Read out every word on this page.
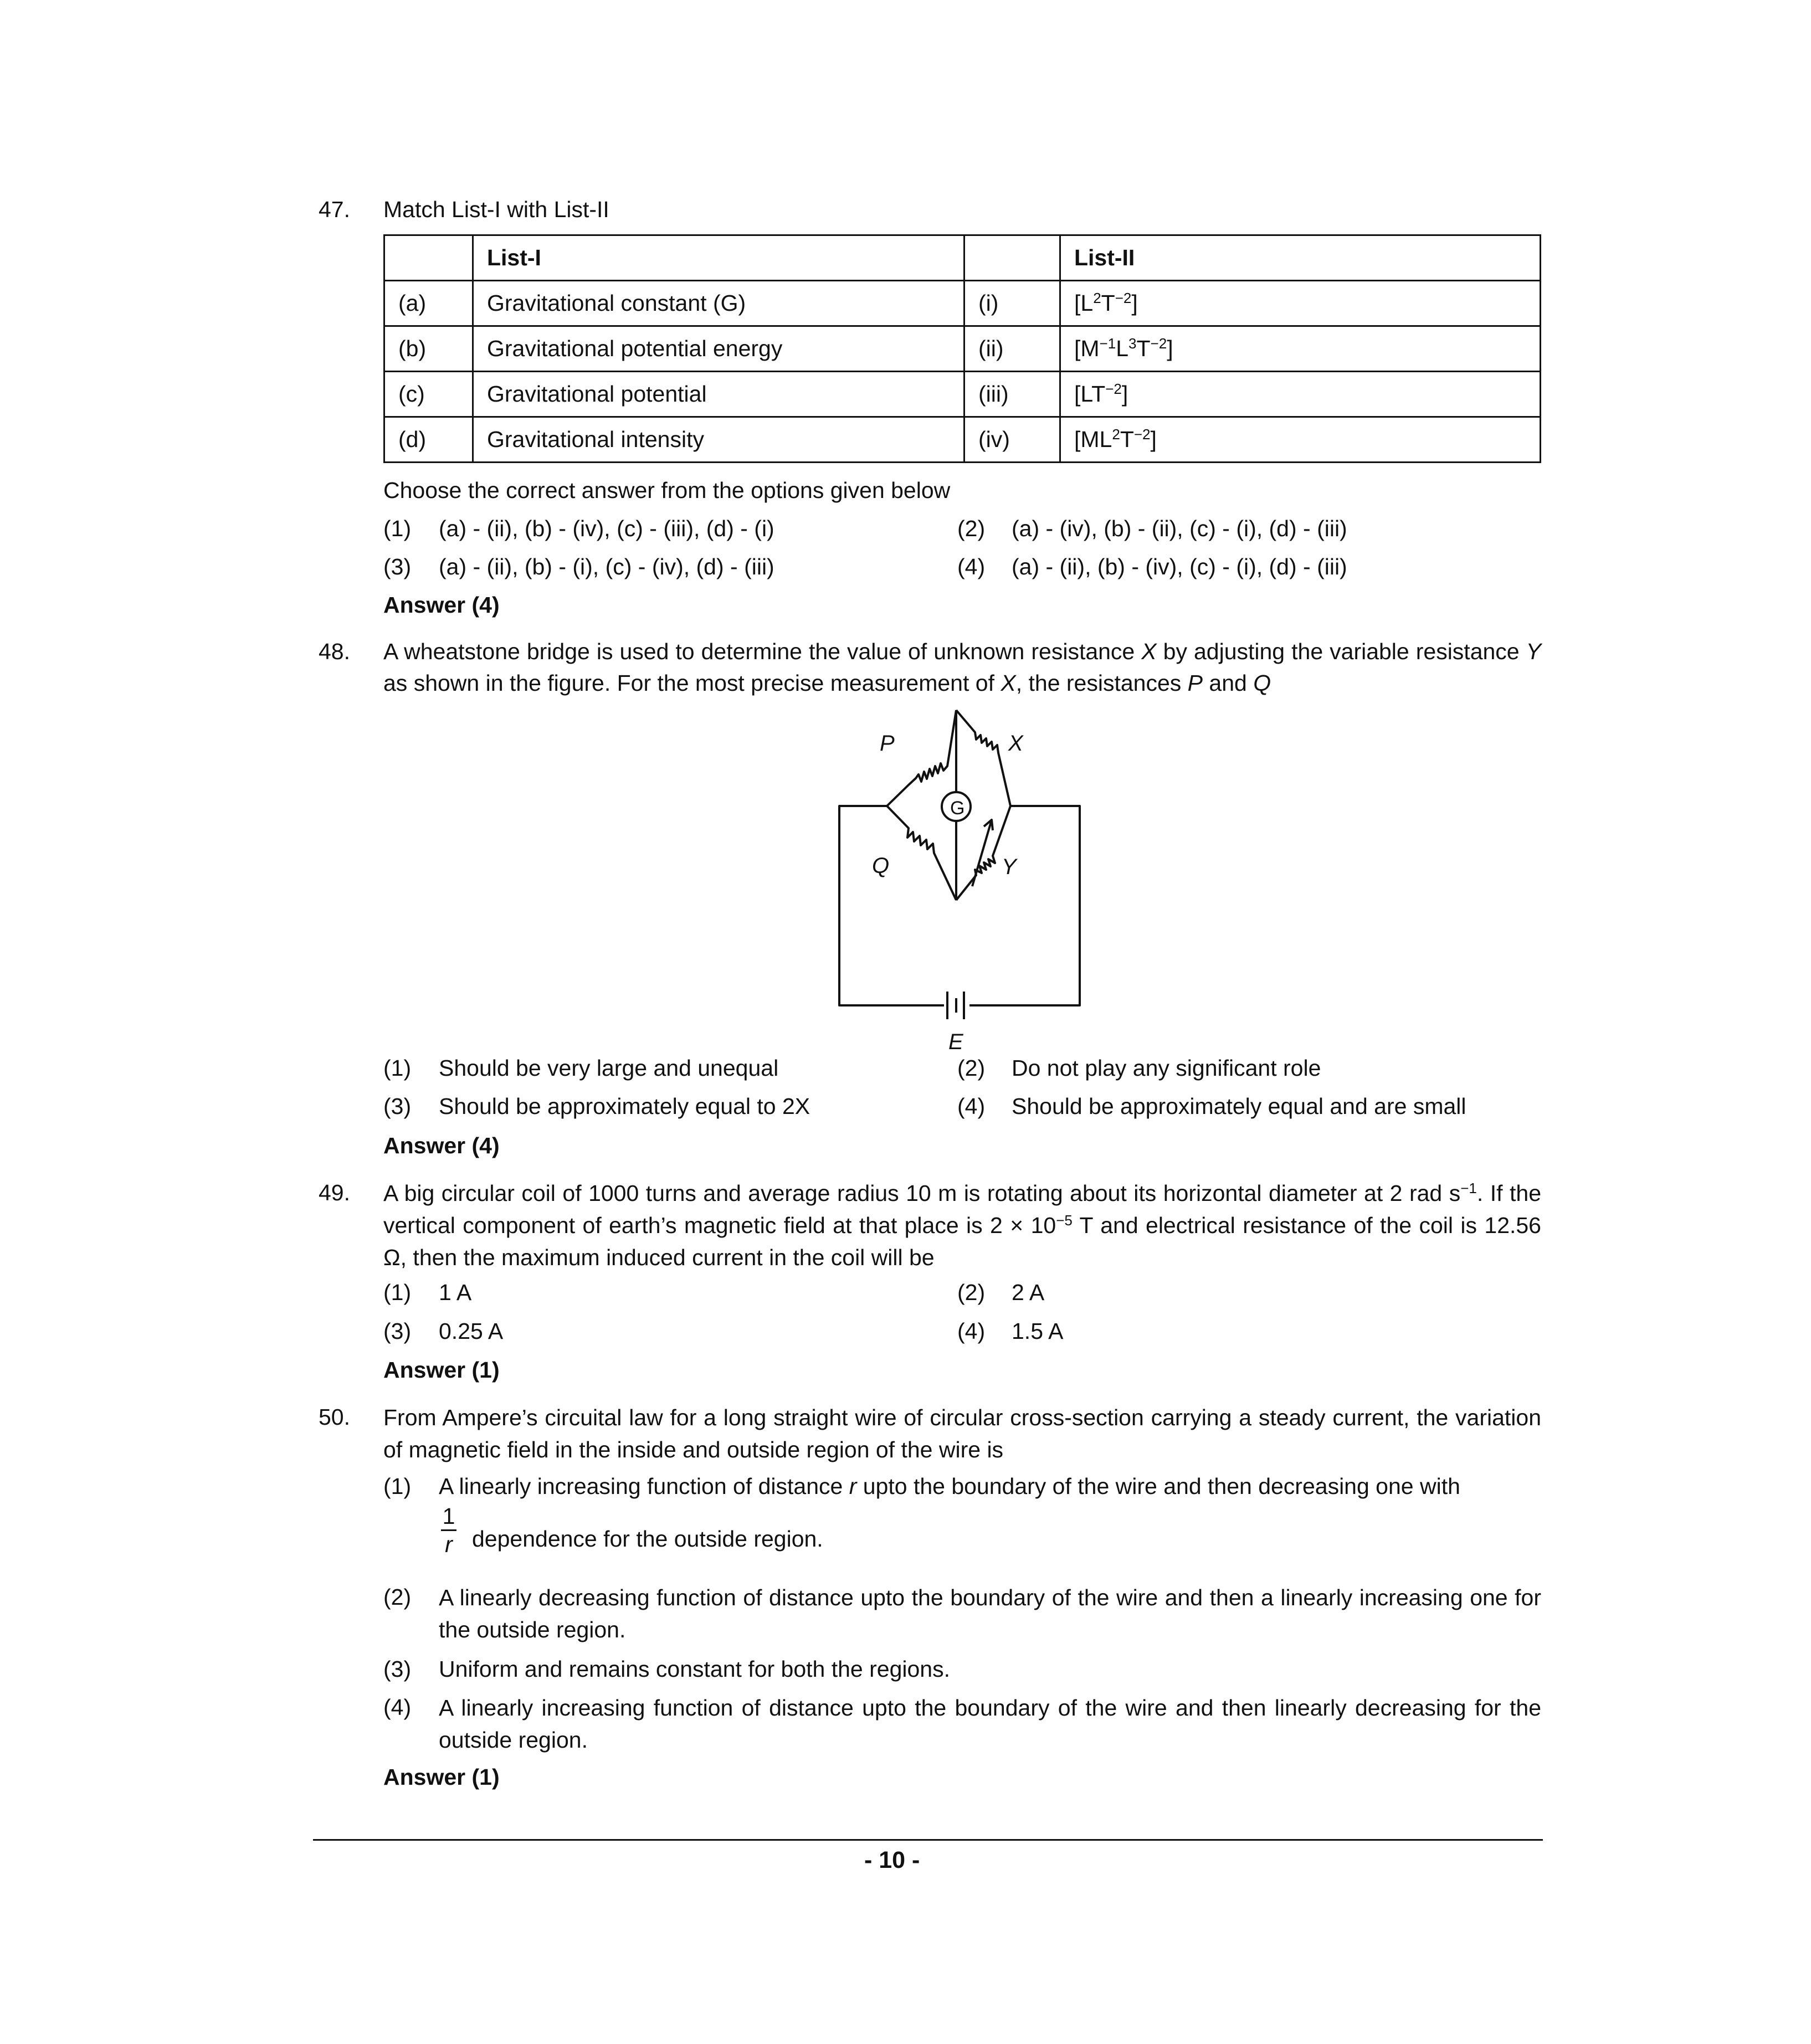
47. Match List-I with List-II
	List-I		List-II
(a)	Gravitational constant (G)	(i)	$[L^2T^{-2}]$
(b)	Gravitational potential energy	(ii)	$[M^{-1}L^3T^{-2}]$
(c)	Gravitational potential	(iii)	$[LT^{-2}]$
(d)	Gravitational intensity	(iv)	$[ML^2T^{-2}]$
Choose the correct answer from the options given below
(1) (a) - (ii), (b) - (iv), (c) - (iii), (d) - (i)	(2) (a) - (iv), (b) - (ii), (c) - (i), (d) - (iii)
(3) (a) - (ii), (b) - (i), (c) - (iv), (d) - (iii)	(4) (a) - (ii), (b) - (iv), (c) - (i), (d) - (iii)
Answer (4)
48. A wheatstone bridge is used to determine the value of unknown resistance X by adjusting the variable resistance Y as shown in the figure. For the most precise measurement of X, the resistances P and Q
P	X
Q	Y
E
G
(1) Should be very large and unequal	(2) Do not play any significant role
(3) Should be approximately equal to 2X	(4) Should be approximately equal and are small
Answer (4)
49. A big circular coil of 1000 turns and average radius 10 m is rotating about its horizontal diameter at 2 rad $s^{-1}$. If the vertical component of earth’s magnetic field at that place is $2 \times 10^{-5}$ T and electrical resistance of the coil is 12.56 Ω, then the maximum induced current in the coil will be
(1) 1 A	(2) 2 A
(3) 0.25 A	(4) 1.5 A
Answer (1)
50. From Ampere’s circuital law for a long straight wire of circular cross-section carrying a steady current, the variation of magnetic field in the inside and outside region of the wire is
(1) A linearly increasing function of distance r upto the boundary of the wire and then decreasing one with
1
r dependence for the outside region.
(2) A linearly decreasing function of distance upto the boundary of the wire and then a linearly increasing one for the outside region.
(3) Uniform and remains constant for both the regions.
(4) A linearly increasing function of distance upto the boundary of the wire and then linearly decreasing for the outside region.
Answer (1)
- 10 -
